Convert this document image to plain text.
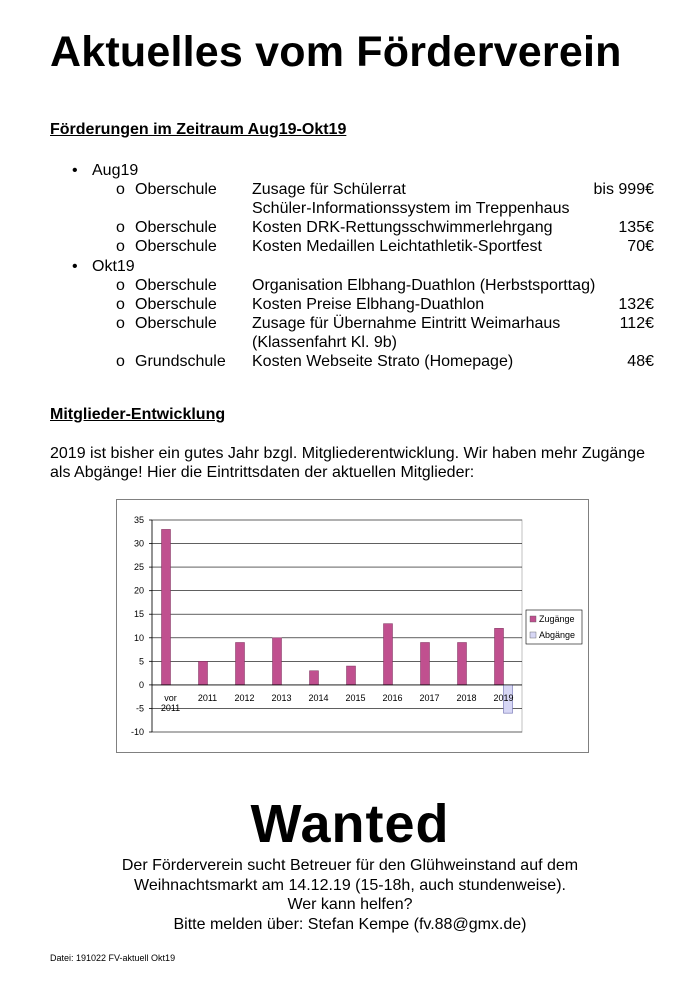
Aktuelles vom Förderverein
Förderungen im Zeitraum Aug19-Okt19
• Aug19
o Oberschule Zusage für Schülerrat	bis 999€
Schüler-Informationssystem im Treppenhaus
o Oberschule Kosten DRK-Rettungsschwimmerlehrgang	135€
o Oberschule Kosten Medaillen Leichtathletik-Sportfest	70€
• Okt19
o Oberschule Organisation Elbhang-Duathlon (Herbstsporttag)
o Oberschule Kosten Preise Elbhang-Duathlon	132€
o Oberschule Zusage für Übernahme Eintritt Weimarhaus	112€
(Klassenfahrt Kl. 9b)
o Grundschule Kosten Webseite Strato (Homepage)	48€
Mitglieder-Entwicklung
2019 ist bisher ein gutes Jahr bzgl. Mitgliederentwicklung. Wir haben mehr Zugänge als Abgänge! Hier die Eintrittsdaten der aktuellen Mitglieder:
-10
-5
0
5
10
15
20
25
30
35
vor
2011
2011 2012 2013 2014 2015 2016 2017 2018 2019
Zugänge
Abgänge
Wanted
Der Förderverein sucht Betreuer für den Glühweinstand auf dem
Weihnachtsmarkt am 14.12.19 (15-18h, auch stundenweise).
Wer kann helfen?
Bitte melden über: Stefan Kempe (fv.88@gmx.de)
Datei: 191022 FV-aktuell Okt19
